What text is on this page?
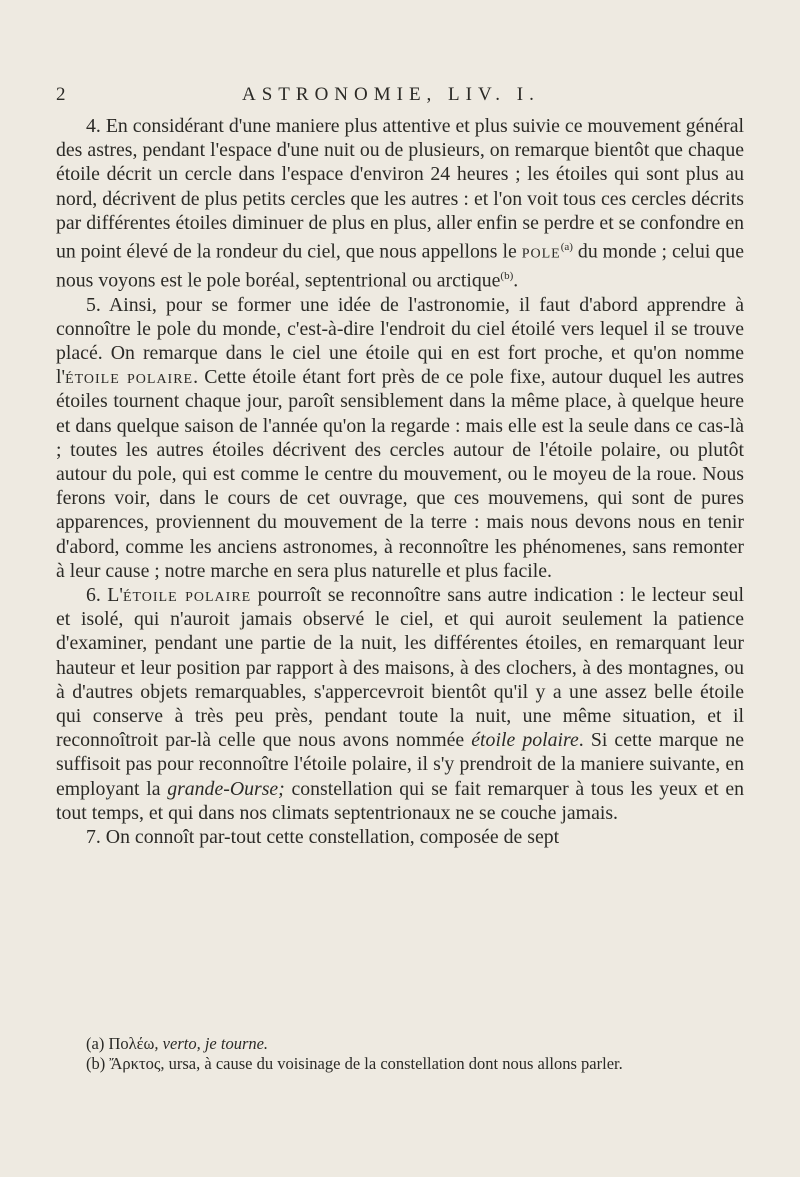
2	ASTRONOMIE, LIV. I.

4. En considérant d'une maniere plus attentive et plus suivie ce mouvement général des astres, pendant l'espace d'une nuit ou de plusieurs, on remarque bientôt que chaque étoile décrit un cercle dans l'espace d'environ 24 heures ; les étoiles qui sont plus au nord, décrivent de plus petits cercles que les autres : et l'on voit tous ces cercles décrits par différentes étoiles diminuer de plus en plus, aller enfin se perdre et se confondre en un point élevé de la rondeur du ciel, que nous appellons le pole$^{(a)}$ du monde ; celui que nous voyons est le pole boréal, septentrional ou arctique$^{(b)}$.

5. Ainsi, pour se former une idée de l'astronomie, il faut d'abord apprendre à connoître le pole du monde, c'est-à-dire l'endroit du ciel étoilé vers lequel il se trouve placé. On remarque dans le ciel une étoile qui en est fort proche, et qu'on nomme l'étoile polaire. Cette étoile étant fort près de ce pole fixe, autour duquel les autres étoiles tournent chaque jour, paroît sensiblement dans la même place, à quelque heure et dans quelque saison de l'année qu'on la regarde : mais elle est la seule dans ce cas-là ; toutes les autres étoiles décrivent des cercles autour de l'étoile polaire, ou plutôt autour du pole, qui est comme le centre du mouvement, ou le moyeu de la roue. Nous ferons voir, dans le cours de cet ouvrage, que ces mouvemens, qui sont de pures apparences, proviennent du mouvement de la terre : mais nous devons nous en tenir d'abord, comme les anciens astronomes, à reconnoître les phénomenes, sans remonter à leur cause ; notre marche en sera plus naturelle et plus facile.

6. L'étoile polaire pourroît se reconnoître sans autre indication : le lecteur seul et isolé, qui n'auroit jamais observé le ciel, et qui auroit seulement la patience d'examiner, pendant une partie de la nuit, les différentes étoiles, en remarquant leur hauteur et leur position par rapport à des maisons, à des clochers, à des montagnes, ou à d'autres objets remarquables, s'appercevroit bientôt qu'il y a une assez belle étoile qui conserve à très peu près, pendant toute la nuit, une même situation, et il reconnoîtroit par-là celle que nous avons nommée étoile polaire. Si cette marque ne suffisoit pas pour reconnoître l'étoile polaire, il s'y prendroit de la maniere suivante, en employant la grande-Ourse; constellation qui se fait remarquer à tous les yeux et en tout temps, et qui dans nos climats septentrionaux ne se couche jamais.

7. On connoît par-tout cette constellation, composée de sept

(a) Πολέω, verto, je tourne.

(b) Ἄρκτος, ursa, à cause du voisinage de la constellation dont nous allons parler.
